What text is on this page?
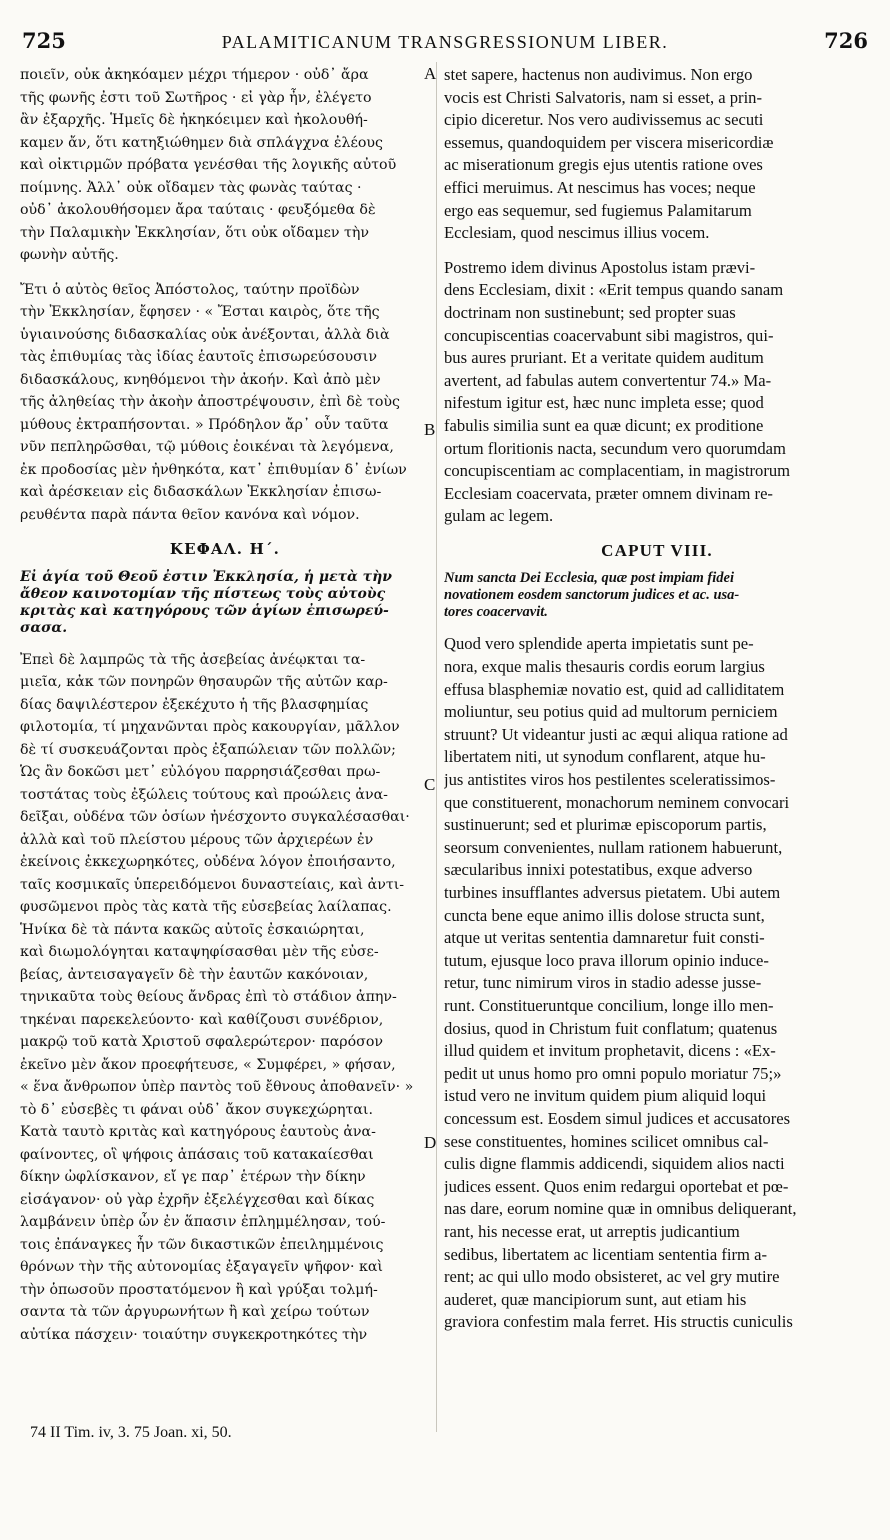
725	PALAMITICANUM TRANSGRESSIONUM LIBER.	726
A
B
C
D
ποιεῖν, οὐκ ἀκηκόαμεν μέχρι τήμερον · οὐδ᾽ ἄρα
τῆς φωνῆς ἐστι τοῦ Σωτῆρος · εἰ γὰρ ἦν, ἐλέγετο
ἂν ἐξαρχῆς. Ἡμεῖς δὲ ἠκηκόειμεν καὶ ἠκολουθή-
καμεν ἄν, ὅτι κατηξιώθημεν διὰ σπλάγχνα ἐλέους
καὶ οἰκτιρμῶν πρόβατα γενέσθαι τῆς λογικῆς αὐτοῦ
ποίμνης. Ἀλλ᾽ οὐκ οἴδαμεν τὰς φωνὰς ταύτας ·
οὐδ᾽ ἀκολουθήσομεν ἄρα ταύταις · φευξόμεθα δὲ
τὴν Παλαμικὴν Ἐκκλησίαν, ὅτι οὐκ οἴδαμεν τὴν
φωνὴν αὐτῆς.
Ἔτι ὁ αὐτὸς θεῖος Ἀπόστολος, ταύτην προϊδὼν
τὴν Ἐκκλησίαν, ἔφησεν · « Ἔσται καιρὸς, ὅτε τῆς
ὑγιαινούσης διδασκαλίας οὐκ ἀνέξονται, ἀλλὰ διὰ
τὰς ἐπιθυμίας τὰς ἰδίας ἑαυτοῖς ἐπισωρεύσουσιν
διδασκάλους, κνηθόμενοι τὴν ἀκοήν. Καὶ ἀπὸ μὲν
τῆς ἀληθείας τὴν ἀκοὴν ἀποστρέψουσιν, ἐπὶ δὲ τοὺς
μύθους ἐκτραπήσονται. » Πρόδηλον ἄρ᾽ οὖν ταῦτα
νῦν πεπληρῶσθαι, τῷ μύθοις ἐοικέναι τὰ λεγόμενα,
ἐκ προδοσίας μὲν ἠνθηκότα, κατ᾽ ἐπιθυμίαν δ᾽ ἐνίων
καὶ ἀρέσκειαν εἰς διδασκάλων Ἐκκλησίαν ἐπισω-
ρευθέντα παρὰ πάντα θεῖον κανόνα καὶ νόμον.
ΚΕΦΑΛ. Η΄.
Εἰ ἁγία τοῦ Θεοῦ ἐστιν Ἐκκλησία, ἡ μετὰ τὴν
ἄθεον καινοτομίαν τῆς πίστεως τοὺς αὐτοὺς
κριτὰς καὶ κατηγόρους τῶν ἁγίων ἐπισωρεύ-
σασα.
Ἐπεὶ δὲ λαμπρῶς τὰ τῆς ἀσεβείας ἀνέῳκται τα-
μιεῖα, κἀκ τῶν πονηρῶν θησαυρῶν τῆς αὐτῶν καρ-
δίας δαψιλέστερον ἐξεκέχυτο ἡ τῆς βλασφημίας
φιλοτομία, τί μηχανῶνται πρὸς κακουργίαν, μᾶλλον
δὲ τί συσκευάζονται πρὸς ἐξαπώλειαν τῶν πολλῶν;
Ὡς ἂν δοκῶσι μετ᾽ εὐλόγου παρρησιάζεσθαι πρω-
τοστάτας τοὺς ἐξώλεις τούτους καὶ προώλεις ἀνα-
δεῖξαι, οὐδένα τῶν ὁσίων ἠνέσχοντο συγκαλέσασθαι·
ἀλλὰ καὶ τοῦ πλείστου μέρους τῶν ἀρχιερέων ἐν
ἐκείνοις ἐκκεχωρηκότες, οὐδένα λόγον ἐποιήσαντο,
ταῖς κοσμικαῖς ὑπερειδόμενοι δυναστείαις, καὶ ἀντι-
φυσῶμενοι πρὸς τὰς κατὰ τῆς εὐσεβείας λαίλαπας.
Ἡνίκα δὲ τὰ πάντα κακῶς αὐτοῖς ἐσκαιώρηται,
καὶ διωμολόγηται καταψηφίσασθαι μὲν τῆς εὐσε-
βείας, ἀντεισαγαγεῖν δὲ τὴν ἑαυτῶν κακόνοιαν,
τηνικαῦτα τοὺς θείους ἄνδρας ἐπὶ τὸ στάδιον ἀπην-
τηκέναι παρεκελεύοντο· καὶ καθίζουσι συνέδριον,
μακρῷ τοῦ κατὰ Χριστοῦ σφαλερώτερον· παρόσον
ἐκεῖνο μὲν ἄκον προεφήτευσε, « Συμφέρει, » φήσαν,
« ἕνα ἄνθρωπον ὑπὲρ παντὸς τοῦ ἔθνους ἀποθανεῖν· »
τὸ δ᾽ εὐσεβὲς τι φάναι οὐδ᾽ ἄκον συγκεχώρηται.
Κατὰ ταυτὸ κριτὰς καὶ κατηγόρους ἑαυτοὺς ἀνα-
φαίνοντες, οἳ ψήφοις ἁπάσαις τοῦ κατακαίεσθαι
δίκην ὠφλίσκανον, εἴ γε παρ᾽ ἑτέρων τὴν δίκην
εἰσάγανον· οὐ γὰρ ἐχρῆν ἐξελέγχεσθαι καὶ δίκας
λαμβάνειν ὑπὲρ ὧν ἐν ἅπασιν ἐπλημμέλησαν, τού-
τοις ἐπάναγκες ἦν τῶν δικαστικῶν ἐπειλημμένοις
θρόνων τὴν τῆς αὐτονομίας ἐξαγαγεῖν ψῆφον· καὶ
τὴν ὁπωσοῦν προστατόμενον ἢ καὶ γρύξαι τολμή-
σαντα τὰ τῶν ἀργυρωνήτων ἢ καὶ χείρω τούτων
αὐτίκα πάσχειν· τοιαύτην συγκεκροτηκότες τὴν
stet sapere, hactenus non audivimus. Non ergo
vocis est Christi Salvatoris, nam si esset, a prin-
cipio diceretur. Nos vero audivissemus ac secuti
essemus, quandoquidem per viscera misericordiæ
ac miserationum gregis ejus utentis ratione oves
effici meruimus. At nescimus has voces; neque
ergo eas sequemur, sed fugiemus Palamitarum
Ecclesiam, quod nescimus illius vocem.
Postremo idem divinus Apostolus istam prævi-
dens Ecclesiam, dixit : «Erit tempus quando sanam
doctrinam non sustinebunt; sed propter suas
concupiscentias coacervabunt sibi magistros, qui-
bus aures pruriant. Et a veritate quidem auditum
avertent, ad fabulas autem convertentur 74.» Ma-
nifestum igitur est, hæc nunc impleta esse; quod
fabulis similia sunt ea quæ dicunt; ex proditione
ortum floritionis nacta, secundum vero quorumdam
concupiscentiam ac complacentiam, in magistrorum
Ecclesiam coacervata, præter omnem divinam re-
gulam ac legem.
CAPUT VIII.
Num sancta Dei Ecclesia, quæ post impiam fidei
novationem eosdem sanctorum judices et ac. usa-
tores coacervavit.
Quod vero splendide aperta impietatis sunt pe-
nora, exque malis thesauris cordis eorum largius
effusa blasphemiæ novatio est, quid ad calliditatem
moliuntur, seu potius quid ad multorum perniciem
struunt? Ut videantur justi ac æqui aliqua ratione ad
libertatem niti, ut synodum conflarent, atque hu-
jus antistites viros hos pestilentes sceleratissimos-
que constituerent, monachorum neminem convocari
sustinuerunt; sed et plurimæ episcoporum partis,
seorsum convenientes, nullam rationem habuerunt,
sæcularibus innixi potestatibus, exque adverso
turbines insufflantes adversus pietatem. Ubi autem
cuncta bene eque animo illis dolose structa sunt,
atque ut veritas sententia damnaretur fuit consti-
tutum, ejusque loco prava illorum opinio induce-
retur, tunc nimirum viros in stadio adesse jusse-
runt. Constitueruntque concilium, longe illo men-
dosius, quod in Christum fuit conflatum; quatenus
illud quidem et invitum prophetavit, dicens : «Ex-
pedit ut unus homo pro omni populo moriatur 75;»
istud vero ne invitum quidem pium aliquid loqui
concessum est. Eosdem simul judices et accusatores
sese constituentes, homines scilicet omnibus cal-
culis digne flammis addicendi, siquidem alios nacti
judices essent. Quos enim redargui oportebat et pœ-
nas dare, eorum nomine quæ in omnibus deliquerant,
rant, his necesse erat, ut arreptis judicantium
sedibus, libertatem ac licentiam sententia firm a-
rent; ac qui ullo modo obsisteret, ac vel gry mutire
auderet, quæ mancipiorum sunt, aut etiam his
graviora confestim mala ferret. His structis cuniculis
74 II Tim. iv, 3. 75 Joan. xi, 50.
